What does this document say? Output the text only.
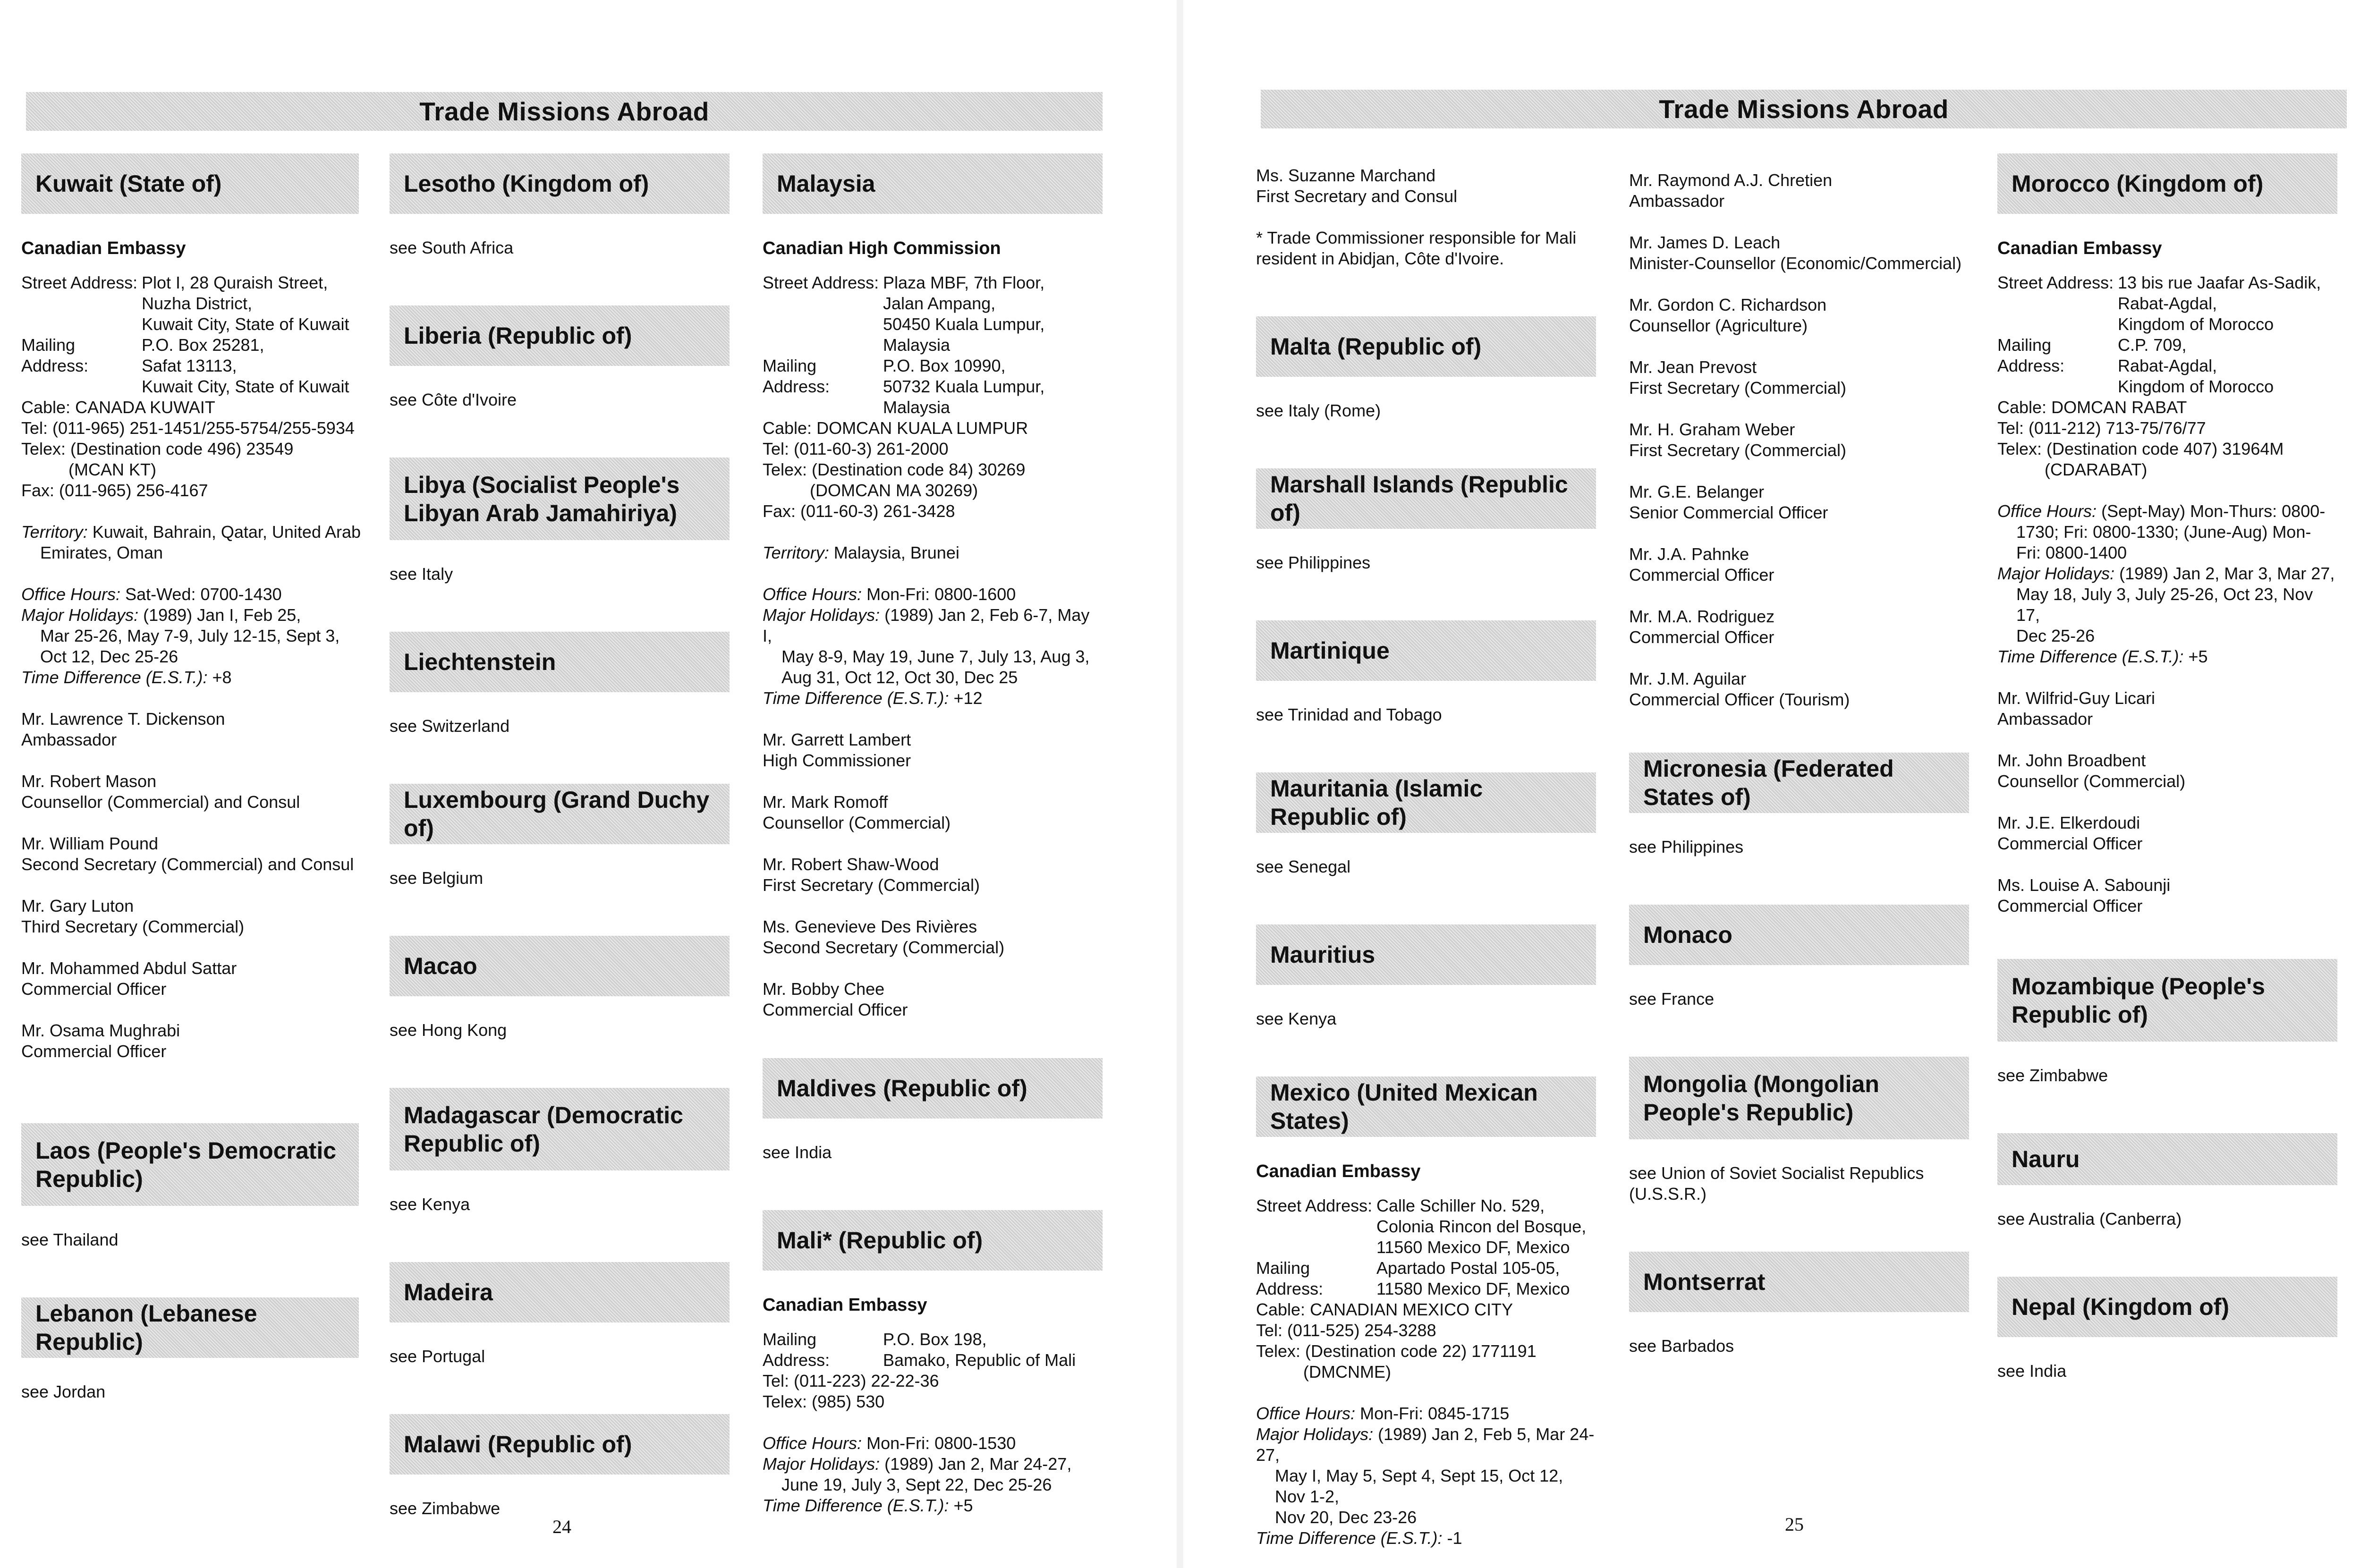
Trade Missions Abroad
Kuwait (State of)
Canadian Embassy
Street Address: Plot I, 28 Quraish Street,
Nuzha District,
Kuwait City, State of Kuwait
Mailing Address:
P.O. Box 25281,
Safat 13113,
Kuwait City, State of Kuwait
Cable: CANADA KUWAIT
Tel: (011-965) 251-1451/255-5754/255-5934
Telex: (Destination code 496) 23549
(MCAN KT)
Fax: (011-965) 256-4167
Territory: Kuwait, Bahrain, Qatar, United Arab
Emirates, Oman
Office Hours: Sat-Wed: 0700-1430
Major Holidays: (1989) Jan I, Feb 25,
Mar 25-26, May 7-9, July 12-15, Sept 3,
Oct 12, Dec 25-26
Time Difference (E.S.T.): +8
Mr. Lawrence T. Dickenson
Ambassador
Mr. Robert Mason
Counsellor (Commercial) and Consul
Mr. William Pound
Second Secretary (Commercial) and Consul
Mr. Gary Luton
Third Secretary (Commercial)
Mr. Mohammed Abdul Sattar
Commercial Officer
Mr. Osama Mughrabi
Commercial Officer
Laos (People's Democratic Republic)
see Thailand
Lebanon (Lebanese Republic)
see Jordan
Lesotho (Kingdom of)
see South Africa
Liberia (Republic of)
see Côte d'Ivoire
Libya (Socialist People's Libyan Arab Jamahiriya)
see Italy
Liechtenstein
see Switzerland
Luxembourg (Grand Duchy of)
see Belgium
Macao
see Hong Kong
Madagascar (Democratic Republic of)
see Kenya
Madeira
see Portugal
Malawi (Republic of)
see Zimbabwe
Malaysia
Canadian High Commission
Street Address: Plaza MBF, 7th Floor,
Jalan Ampang,
50450 Kuala Lumpur,
Malaysia
Mailing Address:
P.O. Box 10990,
50732 Kuala Lumpur,
Malaysia
Cable: DOMCAN KUALA LUMPUR
Tel: (011-60-3) 261-2000
Telex: (Destination code 84) 30269
(DOMCAN MA 30269)
Fax: (011-60-3) 261-3428
Territory: Malaysia, Brunei
Office Hours: Mon-Fri: 0800-1600
Major Holidays: (1989) Jan 2, Feb 6-7, May I,
May 8-9, May 19, June 7, July 13, Aug 3,
Aug 31, Oct 12, Oct 30, Dec 25
Time Difference (E.S.T.): +12
Mr. Garrett Lambert
High Commissioner
Mr. Mark Romoff
Counsellor (Commercial)
Mr. Robert Shaw-Wood
First Secretary (Commercial)
Ms. Genevieve Des Rivières
Second Secretary (Commercial)
Mr. Bobby Chee
Commercial Officer
Maldives (Republic of)
see India
Mali* (Republic of)
Canadian Embassy
Mailing Address:
P.O. Box 198,
Bamako, Republic of Mali
Tel: (011-223) 22-22-36
Telex: (985) 530
Office Hours: Mon-Fri: 0800-1530
Major Holidays: (1989) Jan 2, Mar 24-27,
June 19, July 3, Sept 22, Dec 25-26
Time Difference (E.S.T.): +5
24
Trade Missions Abroad
Ms. Suzanne Marchand
First Secretary and Consul
* Trade Commissioner responsible for Mali
resident in Abidjan, Côte d'Ivoire.
Malta (Republic of)
see Italy (Rome)
Marshall Islands (Republic of)
see Philippines
Martinique
see Trinidad and Tobago
Mauritania (Islamic Republic of)
see Senegal
Mauritius
see Kenya
Mexico (United Mexican States)
Canadian Embassy
Street Address: Calle Schiller No. 529,
Colonia Rincon del Bosque,
11560 Mexico DF, Mexico
Mailing Address:
Apartado Postal 105-05,
11580 Mexico DF, Mexico
Cable: CANADIAN MEXICO CITY
Tel: (011-525) 254-3288
Telex: (Destination code 22) 1771191
(DMCNME)
Office Hours: Mon-Fri: 0845-1715
Major Holidays: (1989) Jan 2, Feb 5, Mar 24-27,
May I, May 5, Sept 4, Sept 15, Oct 12, Nov 1-2,
Nov 20, Dec 23-26
Time Difference (E.S.T.): -1
Mr. Raymond A.J. Chretien
Ambassador
Mr. James D. Leach
Minister-Counsellor (Economic/Commercial)
Mr. Gordon C. Richardson
Counsellor (Agriculture)
Mr. Jean Prevost
First Secretary (Commercial)
Mr. H. Graham Weber
First Secretary (Commercial)
Mr. G.E. Belanger
Senior Commercial Officer
Mr. J.A. Pahnke
Commercial Officer
Mr. M.A. Rodriguez
Commercial Officer
Mr. J.M. Aguilar
Commercial Officer (Tourism)
Micronesia (Federated States of)
see Philippines
Monaco
see France
Mongolia (Mongolian People's Republic)
see Union of Soviet Socialist Republics
(U.S.S.R.)
Montserrat
see Barbados
Morocco (Kingdom of)
Canadian Embassy
Street Address: 13 bis rue Jaafar As-Sadik,
Rabat-Agdal,
Kingdom of Morocco
Mailing Address:
C.P. 709,
Rabat-Agdal,
Kingdom of Morocco
Cable: DOMCAN RABAT
Tel: (011-212) 713-75/76/77
Telex: (Destination code 407) 31964M
(CDARABAT)
Office Hours: (Sept-May) Mon-Thurs: 0800-
1730; Fri: 0800-1330; (June-Aug) Mon-
Fri: 0800-1400
Major Holidays: (1989) Jan 2, Mar 3, Mar 27,
May 18, July 3, July 25-26, Oct 23, Nov 17,
Dec 25-26
Time Difference (E.S.T.): +5
Mr. Wilfrid-Guy Licari
Ambassador
Mr. John Broadbent
Counsellor (Commercial)
Mr. J.E. Elkerdoudi
Commercial Officer
Ms. Louise A. Sabounji
Commercial Officer
Mozambique (People's Republic of)
see Zimbabwe
Nauru
see Australia (Canberra)
Nepal (Kingdom of)
see India
25
